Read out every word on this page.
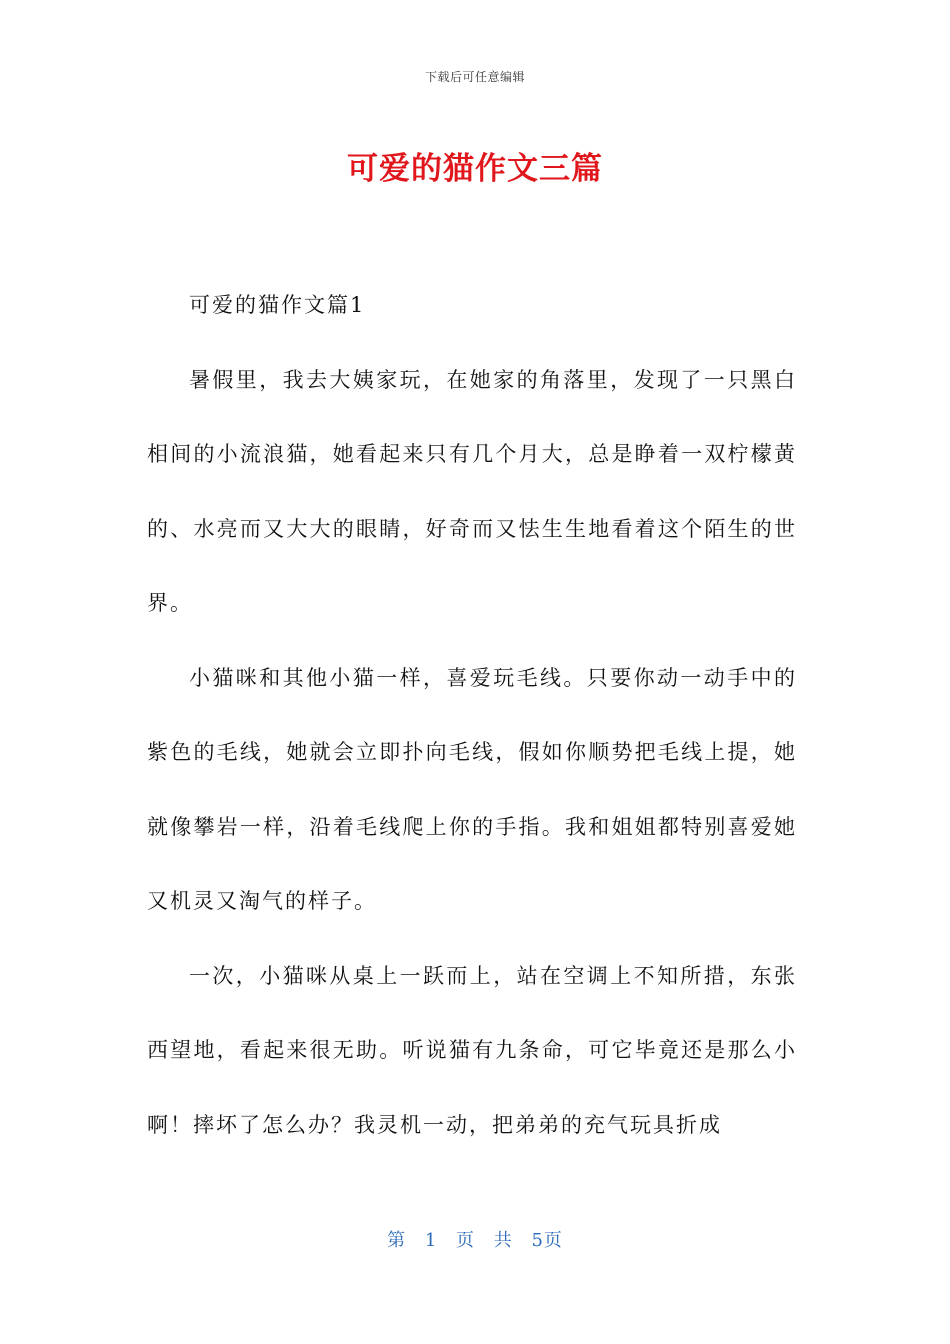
下载后可任意编辑
可爱的猫作文三篇

可爱的猫作文篇1

暑假里，我去大姨家玩，在她家的角落里，发现了一只黑白相间的小流浪猫，她看起来只有几个月大，总是睁着一双柠檬黄的、水亮而又大大的眼睛，好奇而又怯生生地看着这个陌生的世界。

小猫咪和其他小猫一样，喜爱玩毛线。只要你动一动手中的紫色的毛线，她就会立即扑向毛线，假如你顺势把毛线上提，她就像攀岩一样，沿着毛线爬上你的手指。我和姐姐都特别喜爱她又机灵又淘气的样子。

一次，小猫咪从桌上一跃而上，站在空调上不知所措，东张西望地，看起来很无助。听说猫有九条命，可它毕竟还是那么小啊！摔坏了怎么办？我灵机一动，把弟弟的充气玩具折成

第 1 页 共 5页
